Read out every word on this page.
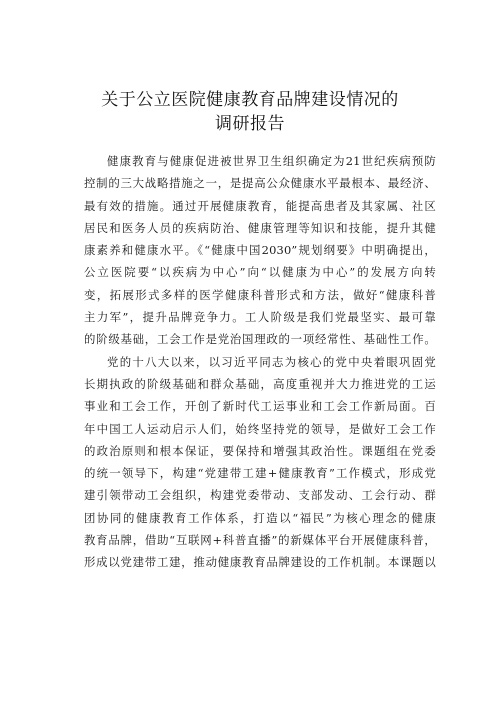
关于公立医院健康教育品牌建设情况的
调研报告
健康教育与健康促进被世界卫生组织确定为21世纪疾病预防
控制的三大战略措施之一，是提高公众健康水平最根本、最经济、
最有效的措施。通过开展健康教育，能提高患者及其家属、社区
居民和医务人员的疾病防治、健康管理等知识和技能，提升其健
康素养和健康水平。《“健康中国2030”规划纲要》中明确提出，
公立医院要“以疾病为中心”向“以健康为中心”的发展方向转
变，拓展形式多样的医学健康科普形式和方法，做好“健康科普
主力军”，提升品牌竞争力。工人阶级是我们党最坚实、最可靠
的阶级基础，工会工作是党治国理政的一项经常性、基础性工作。
党的十八大以来，以习近平同志为核心的党中央着眼巩固党
长期执政的阶级基础和群众基础，高度重视并大力推进党的工运
事业和工会工作，开创了新时代工运事业和工会工作新局面。百
年中国工人运动启示人们，始终坚持党的领导，是做好工会工作
的政治原则和根本保证，要保持和增强其政治性。课题组在党委
的统一领导下，构建“党建带工建+健康教育”工作模式，形成党
建引领带动工会组织，构建党委带动、支部发动、工会行动、群
团协同的健康教育工作体系，打造以“福民”为核心理念的健康
教育品牌，借助“互联网+科普直播”的新媒体平台开展健康科普，
形成以党建带工建，推动健康教育品牌建设的工作机制。本课题以
